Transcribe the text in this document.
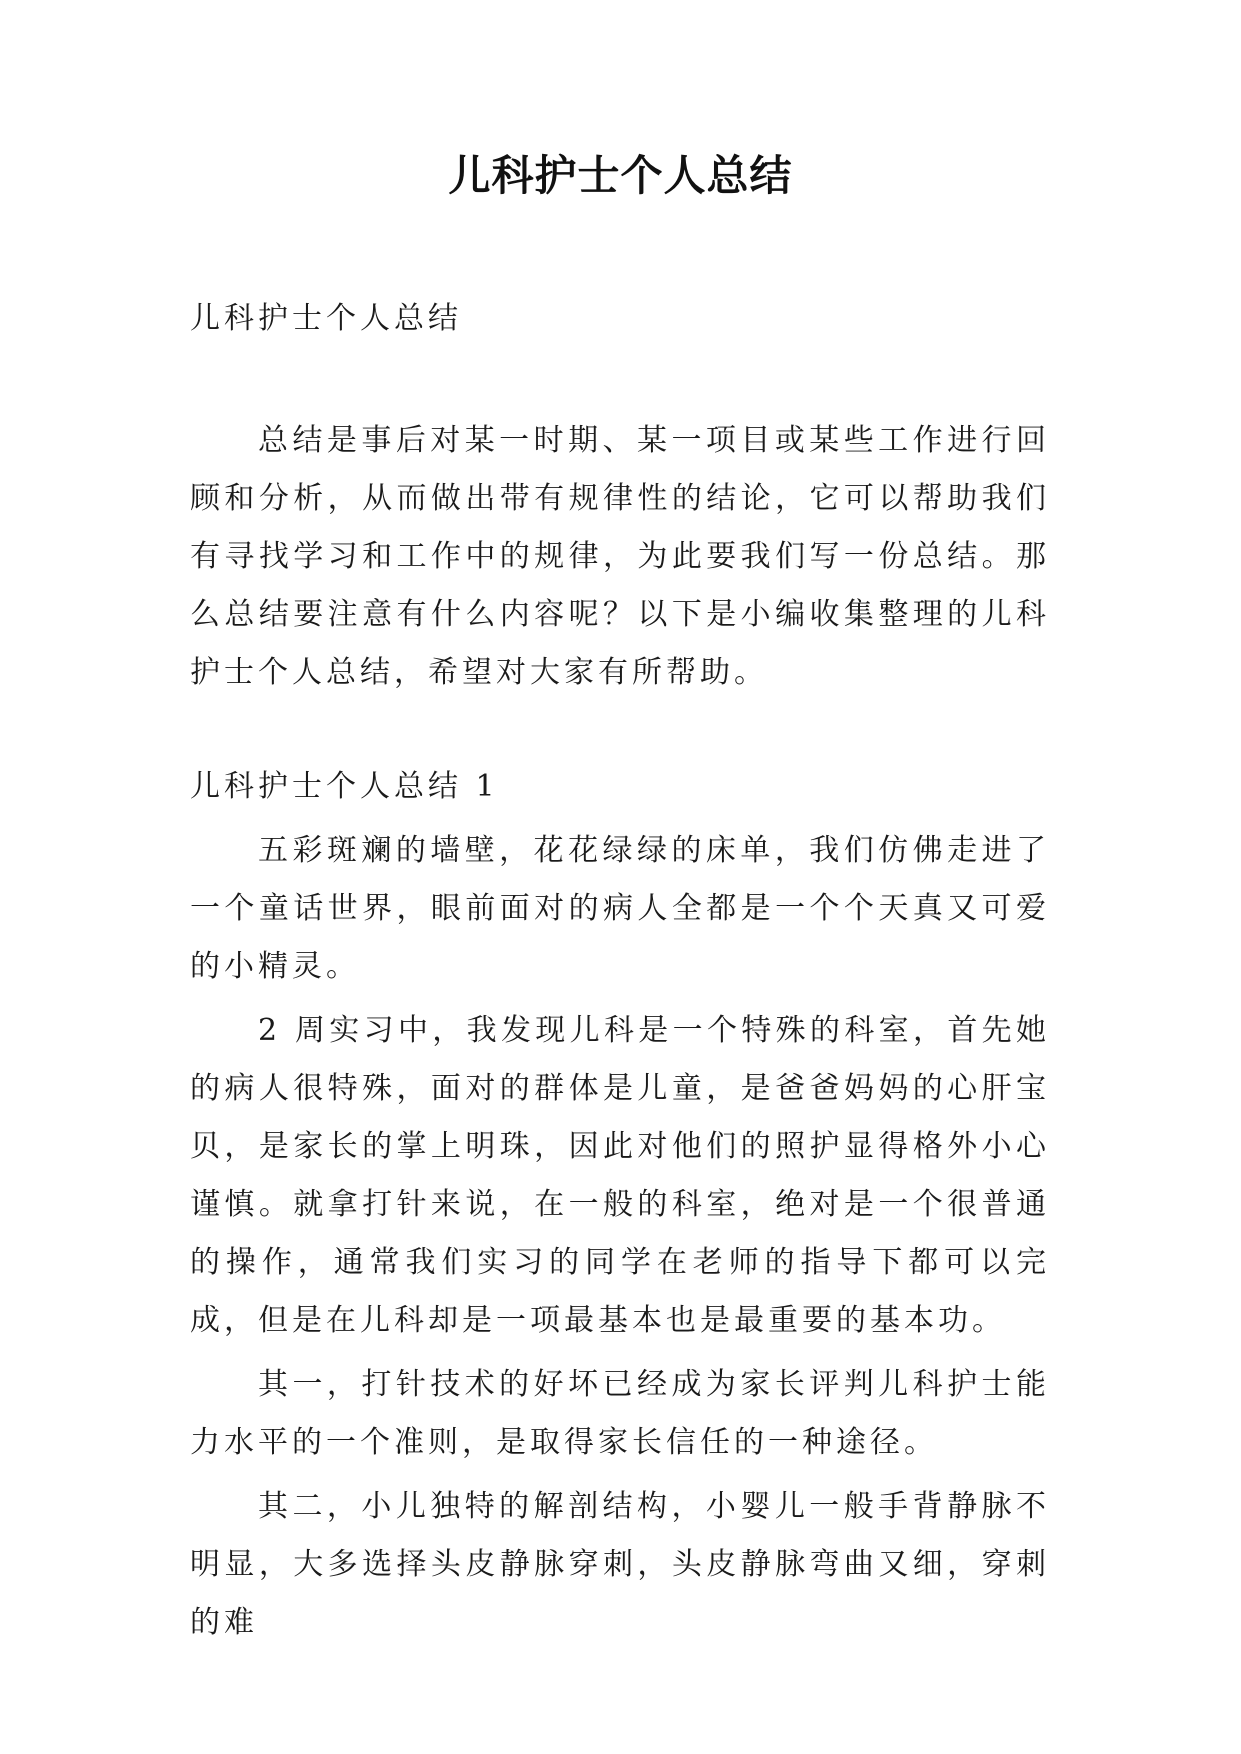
儿科护士个人总结

儿科护士个人总结

总结是事后对某一时期、某一项目或某些工作进行回顾和分析，从而做出带有规律性的结论，它可以帮助我们有寻找学习和工作中的规律，为此要我们写一份总结。那么总结要注意有什么内容呢？以下是小编收集整理的儿科护士个人总结，希望对大家有所帮助。

儿科护士个人总结 1

五彩斑斓的墙壁，花花绿绿的床单，我们仿佛走进了一个童话世界，眼前面对的病人全都是一个个天真又可爱的小精灵。

2 周实习中，我发现儿科是一个特殊的科室，首先她的病人很特殊，面对的群体是儿童，是爸爸妈妈的心肝宝贝，是家长的掌上明珠，因此对他们的照护显得格外小心谨慎。就拿打针来说，在一般的科室，绝对是一个很普通的操作，通常我们实习的同学在老师的指导下都可以完成，但是在儿科却是一项最基本也是最重要的基本功。

其一，打针技术的好坏已经成为家长评判儿科护士能力水平的一个准则，是取得家长信任的一种途径。

其二，小儿独特的解剖结构，小婴儿一般手背静脉不明显，大多选择头皮静脉穿刺，头皮静脉弯曲又细，穿刺的难
